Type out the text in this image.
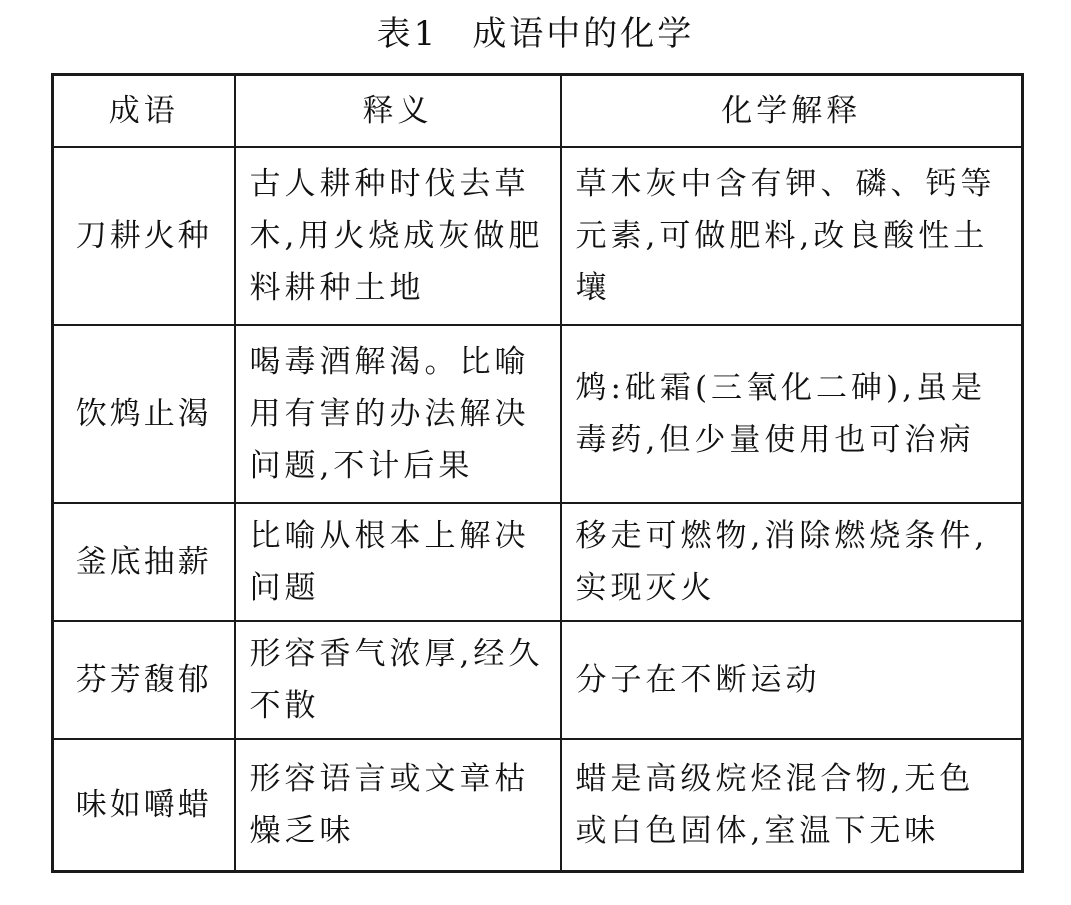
表1 成语中的化学
成语	释义	化学解释
刀耕火种	古人耕种时伐去草木,用火烧成灰做肥料耕种土地	草木灰中含有钾、磷、钙等元素,可做肥料,改良酸性土壤
饮鸩止渴	喝毒酒解渴。比喻用有害的办法解决问题,不计后果	鸩:砒霜(三氧化二砷),虽是毒药,但少量使用也可治病
釜底抽薪	比喻从根本上解决问题	移走可燃物,消除燃烧条件,实现灭火
芬芳馥郁	形容香气浓厚,经久不散	分子在不断运动
味如嚼蜡	形容语言或文章枯燥乏味	蜡是高级烷烃混合物,无色或白色固体,室温下无味
